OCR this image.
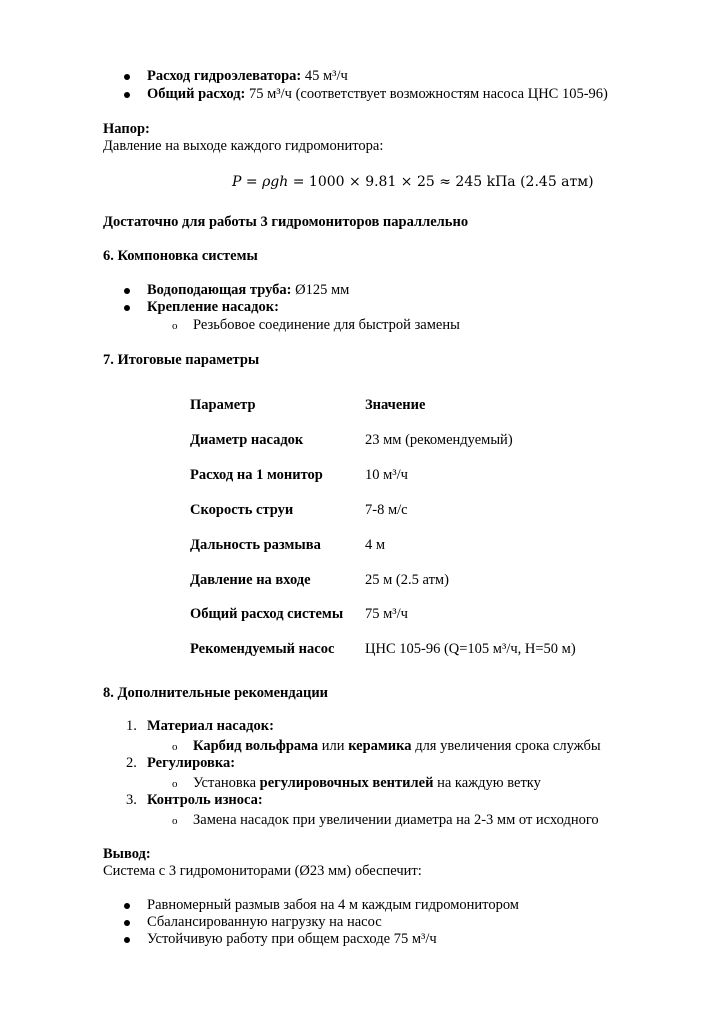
Расход гидроэлеватора: 45 м³/ч
Общий расход: 75 м³/ч (соответствует возможностям насоса ЦНС 105-96)
Напор:
Давление на выходе каждого гидромонитора:
P = ρgh = 1000 × 9.81 × 25 ≈ 245 kПa (2.45 атм)
Достаточно для работы 3 гидромониторов параллельно
6. Компоновка системы
Водоподающая труба: Ø125 мм
Крепление насадок:
o Резьбовое соединение для быстрой замены
7. Итоговые параметры
Параметр	Значение
Диаметр насадок	23 мм (рекомендуемый)
Расход на 1 монитор	10 м³/ч
Скорость струи	7-8 м/с
Дальность размыва	4 м
Давление на входе	25 м (2.5 атм)
Общий расход системы 75 м³/ч
Рекомендуемый насос ЦНС 105-96 (Q=105 м³/ч, H=50 м)
8. Дополнительные рекомендации
1. Материал насадок:
o Карбид вольфрама или керамика для увеличения срока службы
2. Регулировка:
o Установка регулировочных вентилей на каждую ветку
3. Контроль износа:
o Замена насадок при увеличении диаметра на 2-3 мм от исходного
Вывод:
Система с 3 гидромониторами (Ø23 мм) обеспечит:
Равномерный размыв забоя на 4 м каждым гидромонитором
Сбалансированную нагрузку на насос
Устойчивую работу при общем расходе 75 м³/ч
